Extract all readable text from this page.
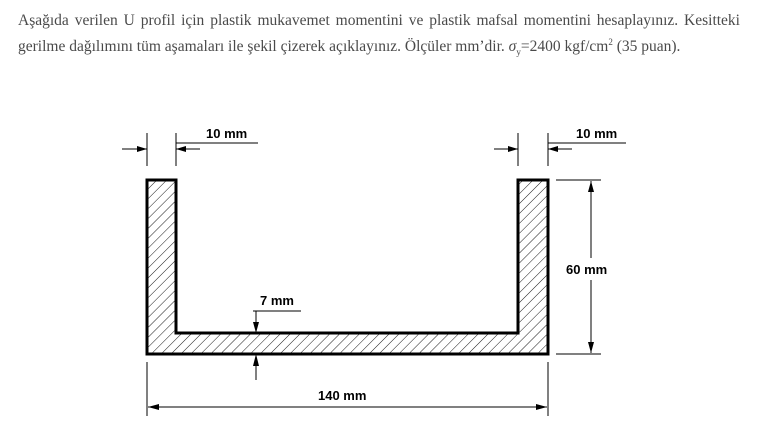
Aşağıda verilen U profil için plastik mukavemet momentini ve plastik mafsal momentini hesaplayınız. Kesitteki gerilme dağılımını tüm aşamaları ile şekil çizerek açıklayınız. Ölçüler mm’dir. $\sigma_y=2400$ kgf/$cm^2$ (35 puan).

10 mm	10 mm
60 mm
7 mm
140 mm
